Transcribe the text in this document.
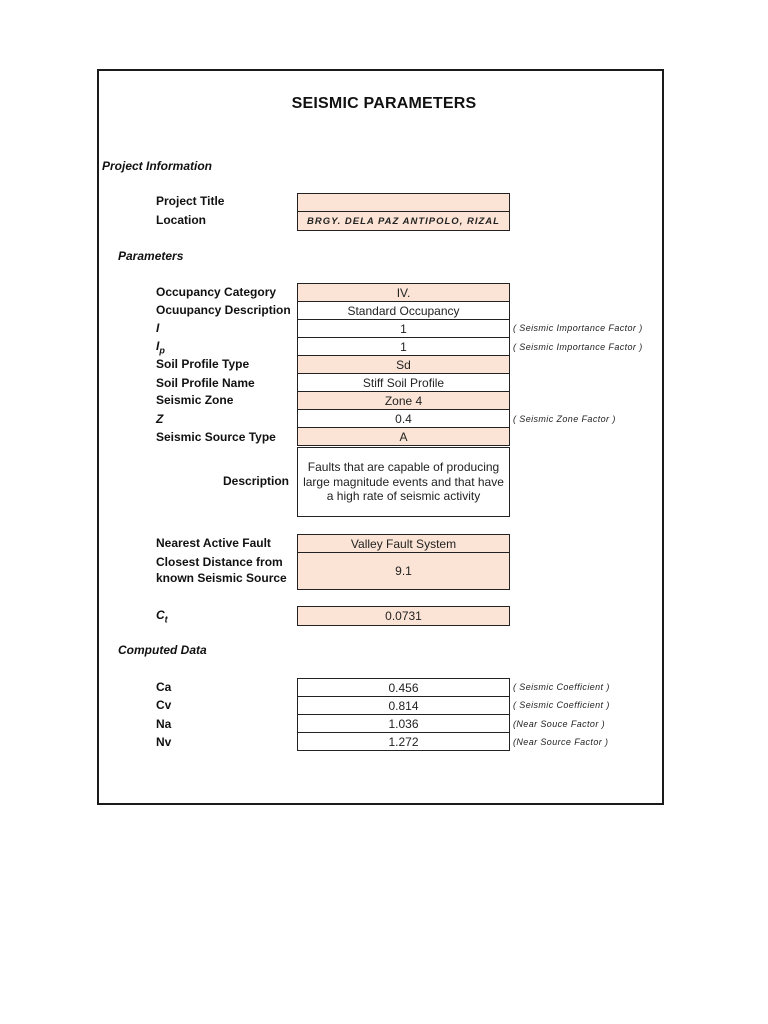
SEISMIC PARAMETERS
Project Information
Project Title
Location	BRGY. DELA PAZ ANTIPOLO, RIZAL
Parameters
Occupancy Category	IV.
Ocuupancy Description	Standard Occupancy
I	1	( Seismic Importance Factor )
$I_p$	1	( Seismic Importance Factor )
Soil Profile Type	Sd
Soil Profile Name	Stiff Soil Profile
Seismic Zone	Zone 4
Z	0.4	( Seismic Zone Factor )
Seismic Source Type	A
Description
Faults that are capable of producing large magnitude events and that have a high rate of seismic activity
Nearest Active Fault	Valley Fault System
Closest Distance from
known Seismic Source	9.1
$C_t$	0.0731
Computed Data
Ca	0.456	( Seismic Coefficient )
Cv	0.814	( Seismic Coefficient )
Na	1.036	(Near Souce Factor )
Nv	1.272	(Near Source Factor )
